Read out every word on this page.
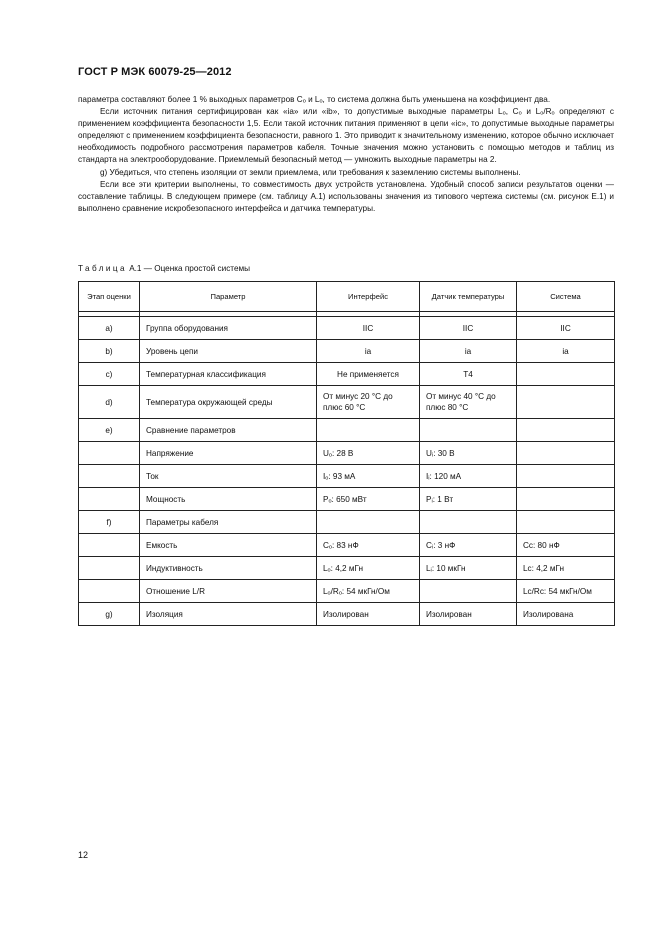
ГОСТ Р МЭК 60079-25—2012

параметра составляют более 1 % выходных параметров Cₒ и Lₒ, то система должна быть уменьшена на коэффициент два.

Если источник питания сертифицирован как «ia» или «ib», то допустимые выходные параметры Lₒ, Cₒ и Lₒ/Rₒ определяют с применением коэффициента безопасности 1,5. Если такой источник питания применяют в цепи «ic», то допустимые выходные параметры определяют с применением коэффициента безопасности, равного 1. Это приводит к значительному изменению, которое обычно исключает необходимость подробного рассмотрения параметров кабеля. Точные значения можно установить с помощью методов и таблиц из стандарта на электрооборудование. Приемлемый безопасный метод — умножить выходные параметры на 2.

g) Убедиться, что степень изоляции от земли приемлема, или требования к заземлению системы выполнены.

Если все эти критерии выполнены, то совместимость двух устройств установлена. Удобный способ записи результатов оценки — составление таблицы. В следующем примере (см. таблицу А.1) использованы значения из типового чертежа системы (см. рисунок Е.1) и выполнено сравнение искробезопасного интерфейса и датчика температуры.

Таблица А.1 — Оценка простой системы
Этап оценки	Параметр	Интерфейс	Датчик температуры	Система

a)	Группа оборудования	IIC	IIC	IIC
b)	Уровень цепи	ia	ia	ia
c)	Температурная классификация	Не применяется	T4	
d)	Температура окружающей среды	От минус 20 °С до плюс 60 °С	От минус 40 °С до плюс 80 °С	
e)	Сравнение параметров			
	Напряжение	Uₒ: 28 В	Uᵢ: 30 В	
	Ток	Iₒ: 93 мА	Iᵢ: 120 мА	
	Мощность	Pₒ: 650 мВт	Pᵢ: 1 Вт	
f)	Параметры кабеля			
	Емкость	Cₒ: 83 нФ	Cᵢ: 3 нФ	Cc: 80 нФ
	Индуктивность	Lₒ: 4,2 мГн	Lᵢ: 10 мкГн	Lc: 4,2 мГн
	Отношение L/R	Lₒ/Rₒ: 54 мкГн/Ом		Lc/Rc: 54 мкГн/Ом
g)	Изоляция	Изолирован	Изолирован	Изолирована
12
